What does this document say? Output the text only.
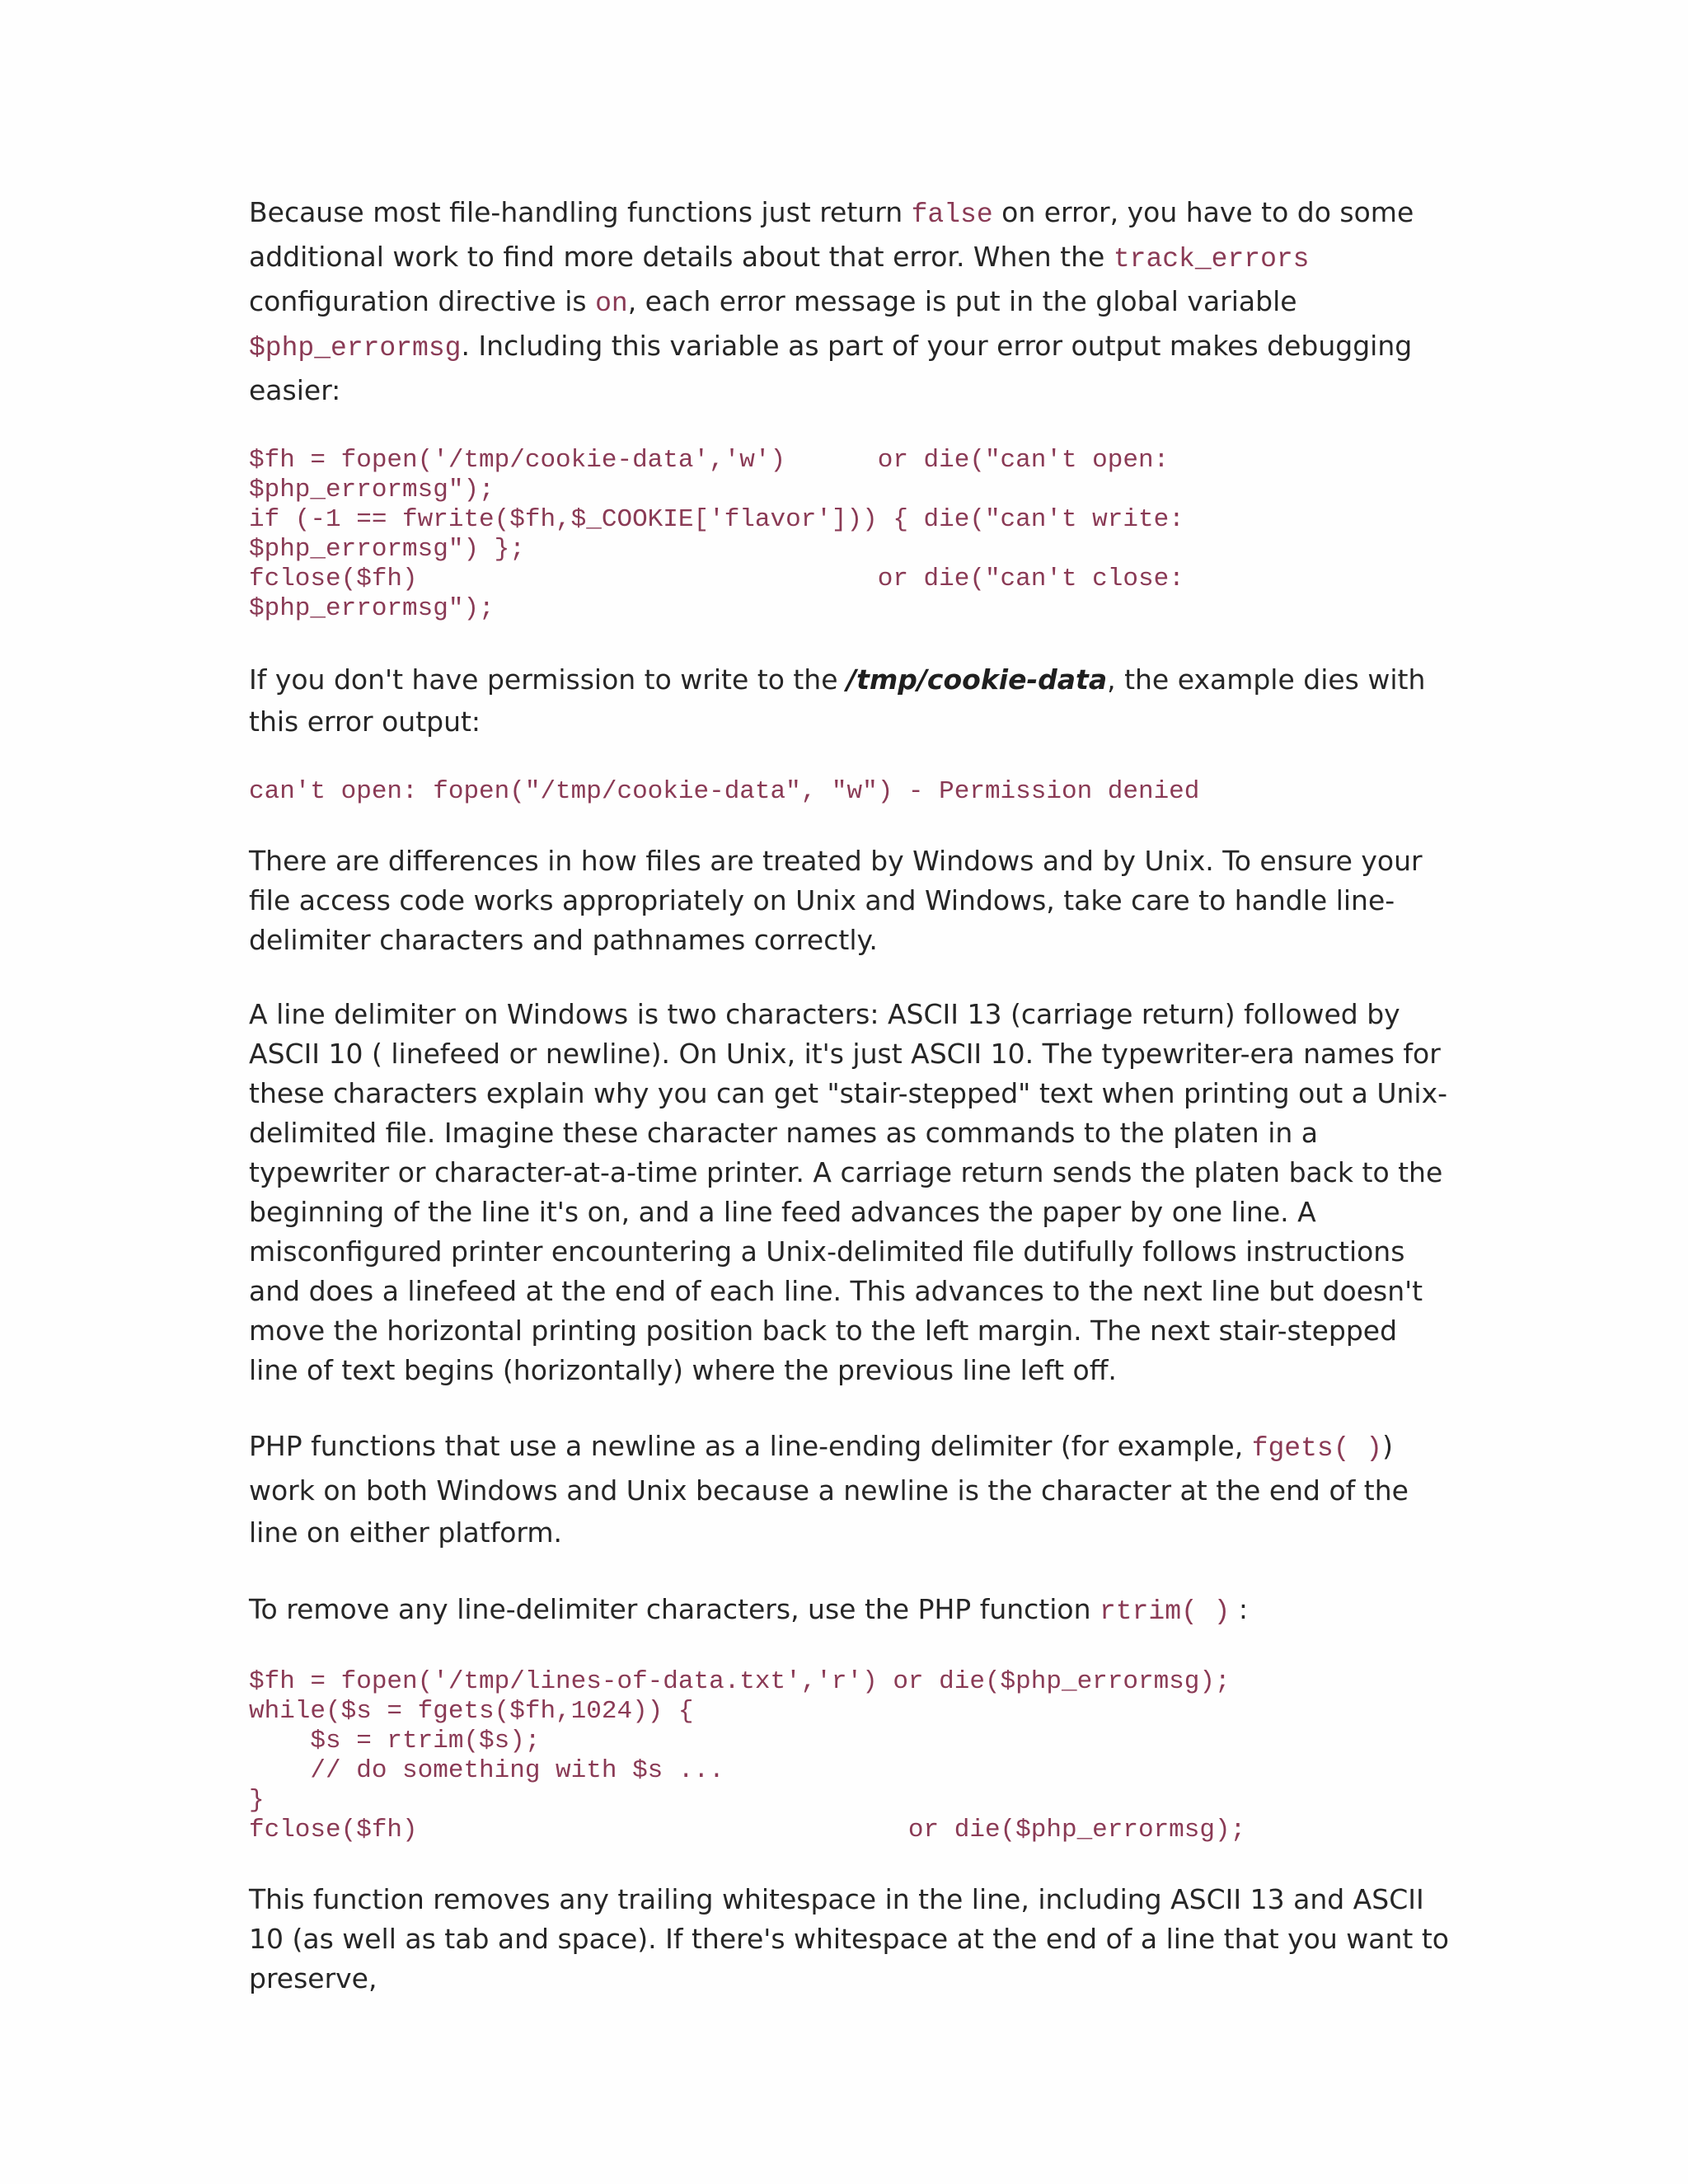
Because most file-handling functions just return false on error, you have to do some additional work to find more details about that error. When the track_errors configuration directive is on, each error message is put in the global variable $php_errormsg. Including this variable as part of your error output makes debugging easier:

$fh = fopen('/tmp/cookie-data','w')      or die("can't open:
$php_errormsg");
if (-1 == fwrite($fh,$_COOKIE['flavor'])) { die("can't write:
$php_errormsg") };
fclose($fh)                              or die("can't close:
$php_errormsg");

If you don't have permission to write to the /tmp/cookie-data, the example dies with this error output:

can't open: fopen("/tmp/cookie-data", "w") - Permission denied

There are differences in how files are treated by Windows and by Unix. To ensure your file access code works appropriately on Unix and Windows, take care to handle line-delimiter characters and pathnames correctly.

A line delimiter on Windows is two characters: ASCII 13 (carriage return) followed by ASCII 10 ( linefeed or newline). On Unix, it's just ASCII 10. The typewriter-era names for these characters explain why you can get "stair-stepped" text when printing out a Unix-delimited file. Imagine these character names as commands to the platen in a typewriter or character-at-a-time printer. A carriage return sends the platen back to the beginning of the line it's on, and a line feed advances the paper by one line. A misconfigured printer encountering a Unix-delimited file dutifully follows instructions and does a linefeed at the end of each line. This advances to the next line but doesn't move the horizontal printing position back to the left margin. The next stair-stepped line of text begins (horizontally) where the previous line left off.

PHP functions that use a newline as a line-ending delimiter (for example, fgets( )) work on both Windows and Unix because a newline is the character at the end of the line on either platform.

To remove any line-delimiter characters, use the PHP function rtrim( ) :

$fh = fopen('/tmp/lines-of-data.txt','r') or die($php_errormsg);
while($s = fgets($fh,1024)) {
$s = rtrim($s);
// do something with $s ...
}
fclose($fh)                                or die($php_errormsg);

This function removes any trailing whitespace in the line, including ASCII 13 and ASCII 10 (as well as tab and space). If there's whitespace at the end of a line that you want to preserve,
